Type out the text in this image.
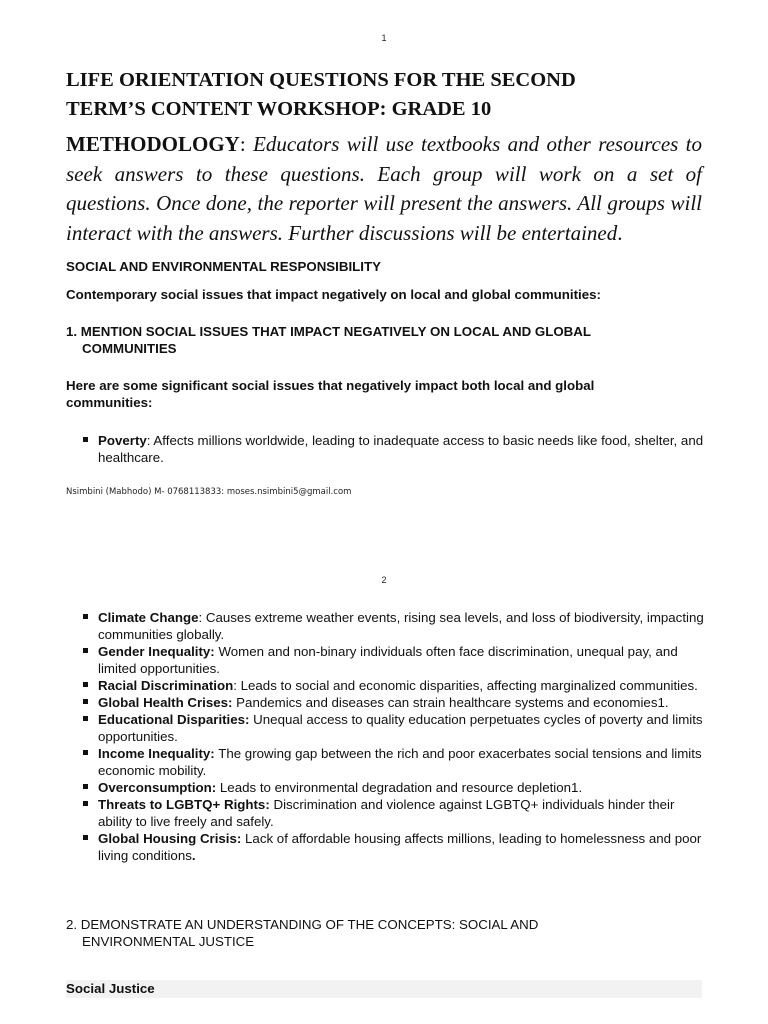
1
LIFE ORIENTATION QUESTIONS FOR THE SECOND
TERM’S CONTENT WORKSHOP: GRADE 10

METHODOLOGY: Educators will use textbooks and other resources to seek answers to these questions. Each group will work on a set of questions. Once done, the reporter will present the answers. All groups will interact with the answers. Further discussions will be entertained.

SOCIAL AND ENVIRONMENTAL RESPONSIBILITY

Contemporary social issues that impact negatively on local and global communities:

1. MENTION SOCIAL ISSUES THAT IMPACT NEGATIVELY ON LOCAL AND GLOBAL
COMMUNITIES

Here are some significant social issues that negatively impact both local and global communities:

Poverty: Affects millions worldwide, leading to inadequate access to basic needs like food, shelter, and healthcare.
Nsimbini (Mabhodo) M- 0768113833: moses.nsimbini5@gmail.com
2
Climate Change: Causes extreme weather events, rising sea levels, and loss of biodiversity, impacting communities globally.
Gender Inequality: Women and non-binary individuals often face discrimination, unequal pay, and limited opportunities.
Racial Discrimination: Leads to social and economic disparities, affecting marginalized communities.
Global Health Crises: Pandemics and diseases can strain healthcare systems and economies1.
Educational Disparities: Unequal access to quality education perpetuates cycles of poverty and limits opportunities.
Income Inequality: The growing gap between the rich and poor exacerbates social tensions and limits economic mobility.
Overconsumption: Leads to environmental degradation and resource depletion1.
Threats to LGBTQ+ Rights: Discrimination and violence against LGBTQ+ individuals hinder their ability to live freely and safely.
Global Housing Crisis: Lack of affordable housing affects millions, leading to homelessness and poor living conditions.

2. DEMONSTRATE AN UNDERSTANDING OF THE CONCEPTS: SOCIAL AND
ENVIRONMENTAL JUSTICE

Social Justice
